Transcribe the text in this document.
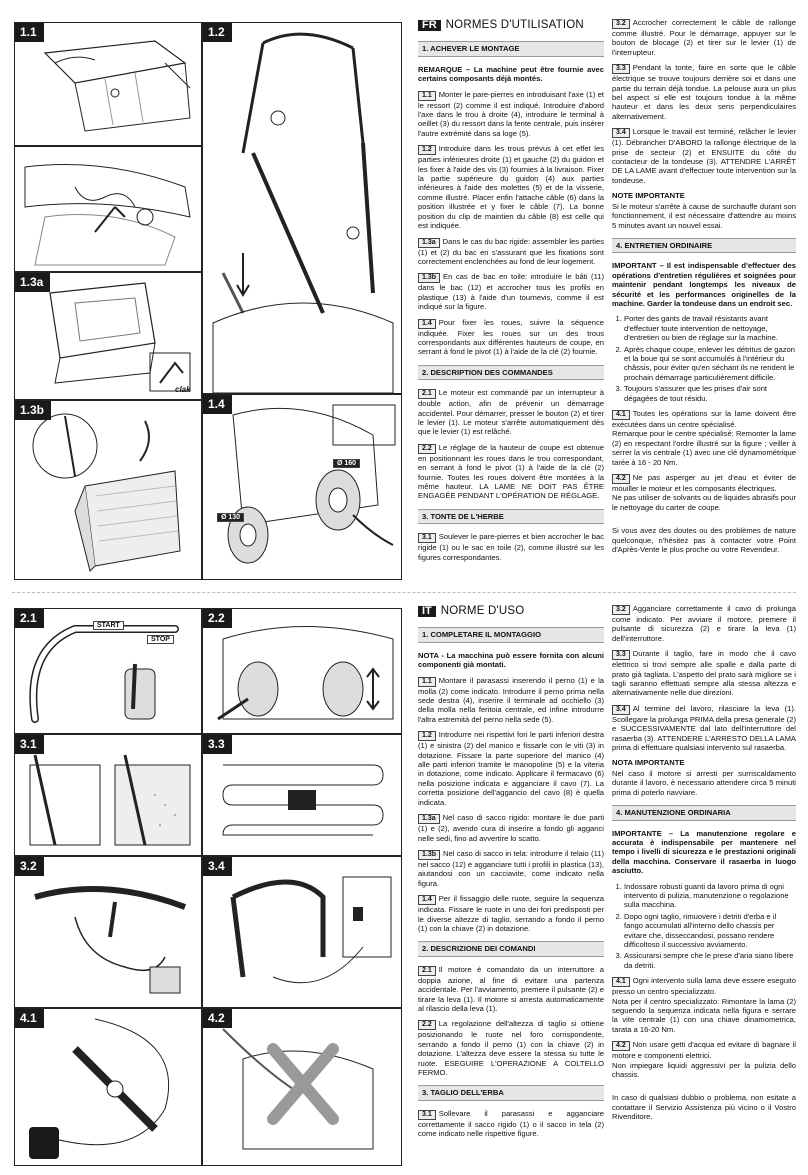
1.1	1.2
1.3a
clak
1.3b	1.4
Ø 130
Ø 160
FR NORMES D'UTILISATION
1. ACHEVER LE MONTAGE

REMARQUE – La machine peut être fournie avec certains composants déjà montés.

1.1 Monter le pare-pierres en introduisant l'axe (1) et le ressort (2) comme il est indiqué. Introduire d'abord l'axe dans le trou à droite (4), introduire le terminal à oeillet (3) du ressort dans la fente centrale, puis insérer l'autre extrémité dans sa loge (5).

1.2 Introduire dans les trous prévus à cet effet les parties inférieures droite (1) et gauche (2) du guidon et les fixer à l'aide des vis (3) fournies à la livraison. Fixer la partie supérieure du guidon (4) aux parties inférieures à l'aide des molettes (5) et de la visserie, comme illustré. Placer enfin l'attache câble (6) dans la position illustrée et y fixer le câble (7). La bonne position du clip de maintien du câble (8) est celle qui est indiquée.

1.3a Dans le cas du bac rigide: assembler les parties (1) et (2) du bac en s'assurant que les fixations sont correctement enclenchées au fond de leur logement.

1.3b En cas de bac en toile: introduire le bâti (11) dans le bac (12) et accrocher tous les profils en plastique (13) à l'aide d'un tournevis, comme il est indiqué sur la figure.

1.4 Pour fixer les roues, suivre la séquence indiquée. Fixer les roues sur un des trous correspondants aux différentes hauteurs de coupe, en serrant à fond le pivot (1) à l'aide de la clé (2) fournie.

2. DESCRIPTION DES COMMANDES

2.1 Le moteur est commandé par un interrupteur à double action, afin de prévenir un démarrage accidentel. Pour démarrer, presser le bouton (2) et tirer le levier (1). Le moteur s'arrête automatiquement dès que le levier (1) est relâché.

2.2 Le réglage de la hauteur de coupe est obtenue en positionnant les roues dans le trou correspondant, en serrant à fond le pivot (1) à l'aide de la clé (2) fournie. Toutes les roues doivent être montées à la même hauteur. LA LAME NE DOIT PAS ÊTRE ENGAGÉE PENDANT L'OPÉRATION DE RÉGLAGE.

3. TONTE DE L'HERBE

3.1 Soulever le pare-pierres et bien accrocher le bac rigide (1) ou le sac en toile (2), comme illustré sur les figures correspondantes.

3.2 Accrocher correctement le câble de rallonge comme illustré. Pour le démarrage, appuyer sur le bouton de blocage (2) et tirer sur le levier (1) de l'interrupteur.

3.3 Pendant la tonte, faire en sorte que le câble électrique se trouve toujours derrière soi et dans une partie du terrain déjà tondue. La pelouse aura un plus bel aspect si elle est toujours tondue à la même hauteur et dans les deux sens perpendiculaires alternativement.

3.4 Lorsque le travail est terminé, relâcher le levier (1). Débrancher D'ABORD la rallonge électrique de la prise de secteur (2) et ENSUITE du côté du contacteur de la tondeuse (3). ATTENDRE L'ARRÊT DE LA LAME avant d'effectuer toute intervention sur la tondeuse.

NOTE IMPORTANTE

Si le moteur s'arrête à cause de surchauffe durant son fonctionnement, il est nécessaire d'attendre au moins 5 minutes avant un nouvel essai.

4. ENTRETIEN ORDINAIRE

IMPORTANT – Il est indispensable d'effectuer des opérations d'entretien régulières et soignées pour maintenir pendant longtemps les niveaux de sécurité et les performances originelles de la machine. Garder la tondeuse dans un endroit sec.

1. Porter des gants de travail résistants avant d'effectuer toute intervention de nettoyage, d'entretien ou bien de réglage sur la machine.
2. Après chaque coupe, enlever les détritus de gazon et la boue qui se sont accumulés à l'intérieur du châssis, pour éviter qu'en séchant ils ne rendent le prochain démarrage particulièrement difficile.
3. Toujours s'assurer que les prises d'air sont dégagées de tout résidu.

4.1 Toutes les opérations sur la lame doivent être exécutées dans un centre spécialisé.
Remarque pour le centre spécialisé: Remonter la lame (2) en respectant l'ordre illustré sur la figure ; veiller à serrer la vis centrale (1) avec une clé dynamométrique tarée à 16 - 20 Nm.

4.2 Ne pas asperger au jet d'eau et éviter de mouiller le moteur et les composants électriques.
Ne pas utiliser de solvants ou de liquides abrasifs pour le nettoyage du carter de coupe.

Si vous avez des doutes ou des problèmes de nature quelconque, n'hésitez pas à contacter votre Point d'Après-Vente le plus proche ou votre Revendeur.

2.1
START
STOP
2.2
3.1	3.3
3.2	3.4
4.1	4.2
IT NORME D'USO
1. COMPLETARE IL MONTAGGIO

NOTA - La macchina può essere fornita con alcuni componenti già montati.

1.1 Montare il parasassi inserendo il perno (1) e la molla (2) come indicato. Introdurre il perno prima nella sede destra (4), inserire il terminale ad occhiello (3) della molla nella feritoia centrale, ed infine introdurre l'altra estremità del perno nella sede (5).

1.2 Introdurre nei rispettivi fori le parti inferiori destra (1) e sinistra (2) del manico e fissarle con le viti (3) in dotazione. Fissare la parte superiore del manico (4) alle parti inferiori tramite le manopoline (5) e la viteria in dotazione, come indicato. Applicare il fermacavo (6) nella posizione indicata e agganciare il cavo (7). La corretta posizione dell'aggancio del cavo (8) è quella indicata.

1.3a Nel caso di sacco rigido: montare le due parti (1) e (2), avendo cura di inserire a fondo gli agganci nelle sedi, fino ad avvertire lo scatto.

1.3b Nel caso di sacco in tela: introdurre il telaio (11) nel sacco (12) e agganciare tutti i profili in plastica (13), aiutandosi con un cacciavite, come indicato nella figura.

1.4 Per il fissaggio delle ruote, seguire la sequenza indicata. Fissare le ruote in uno dei fori predisposti per le diverse altezze di taglio, serrando a fondo il perno (1) con la chiave (2) in dotazione.

2. DESCRIZIONE DEI COMANDI

2.1 Il motore è comandato da un interruttore a doppia azione, al fine di evitare una partenza accidentale. Per l'avviamento, premere il pulsante (2) e tirare la leva (1). Il motore si arresta automaticamente al rilascio della leva (1).

2.2 La regolazione dell'altezza di taglio si ottiene posizionando le ruote nel foro corrispondente, serrando a fondo il perno (1) con la chiave (2) in dotazione. L'altezza deve essere la stessa su tutte le ruote. ESEGUIRE L'OPERAZIONE A COLTELLO FERMO.

3. TAGLIO DELL'ERBA

3.1 Sollevare il parasassi e agganciare correttamente il sacco rigido (1) o il sacco in tela (2) come indicato nelle rispettive figure.

3.2 Agganciare correttamente il cavo di prolunga come indicato. Per avviare il motore, premere il pulsante di sicurezza (2) e tirare la leva (1) dell'interruttore.

3.3 Durante il taglio, fare in modo che il cavo elettrico si trovi sempre alle spalle e dalla parte di prato già tagliata. L'aspetto del prato sarà migliore se i tagli saranno effettuati sempre alla stessa altezza e alternativamente nelle due direzioni.

3.4 Al termine del lavoro, rilasciare la leva (1). Scollegare la prolunga PRIMA della presa generale (2) e SUCCESSIVAMENTE dal lato dell'interruttore del rasaerba (3). ATTENDERE L'ARRESTO DELLA LAMA prima di effettuare qualsiasi intervento sul rasaerba.

NOTA IMPORTANTE

Nel caso il motore si arresti per surriscaldamento durante il lavoro, è necessario attendere circa 5 minuti prima di poterlo riavviare.

4. MANUTENZIONE ORDINARIA

IMPORTANTE – La manutenzione regolare e accurata è indispensabile per mantenere nel tempo i livelli di sicurezza e le prestazioni originali della macchina. Conservare il rasaerba in luogo asciutto.

1. Indossare robusti guanti da lavoro prima di ogni intervento di pulizia, manutenzione o regolazione sulla macchina.
2. Dopo ogni taglio, rimuovere i detriti d'erba e il fango accumulati all'interno dello chassis per evitare che, disseccandosi, possano rendere difficoltoso il successivo avviamento.
3. Assicurarsi sempre che le prese d'aria siano libere da detriti.

4.1 Ogni intervento sulla lama deve essere eseguito presso un centro specializzato.
Nota per il centro specializzato: Rimontare la lama (2) seguendo la sequenza indicata nella figura e serrare la vite centrale (1) con una chiave dinamometrica, tarata a 16-20 Nm.

4.2 Non usare getti d'acqua ed evitare di bagnare il motore e componenti elettrici.
Non impiegare liquidi aggressivi per la pulizia dello chassis.

In caso di qualsiasi dubbio o problema, non esitate a contattare il Servizio Assistenza più vicino o il Vostro Rivenditore.
